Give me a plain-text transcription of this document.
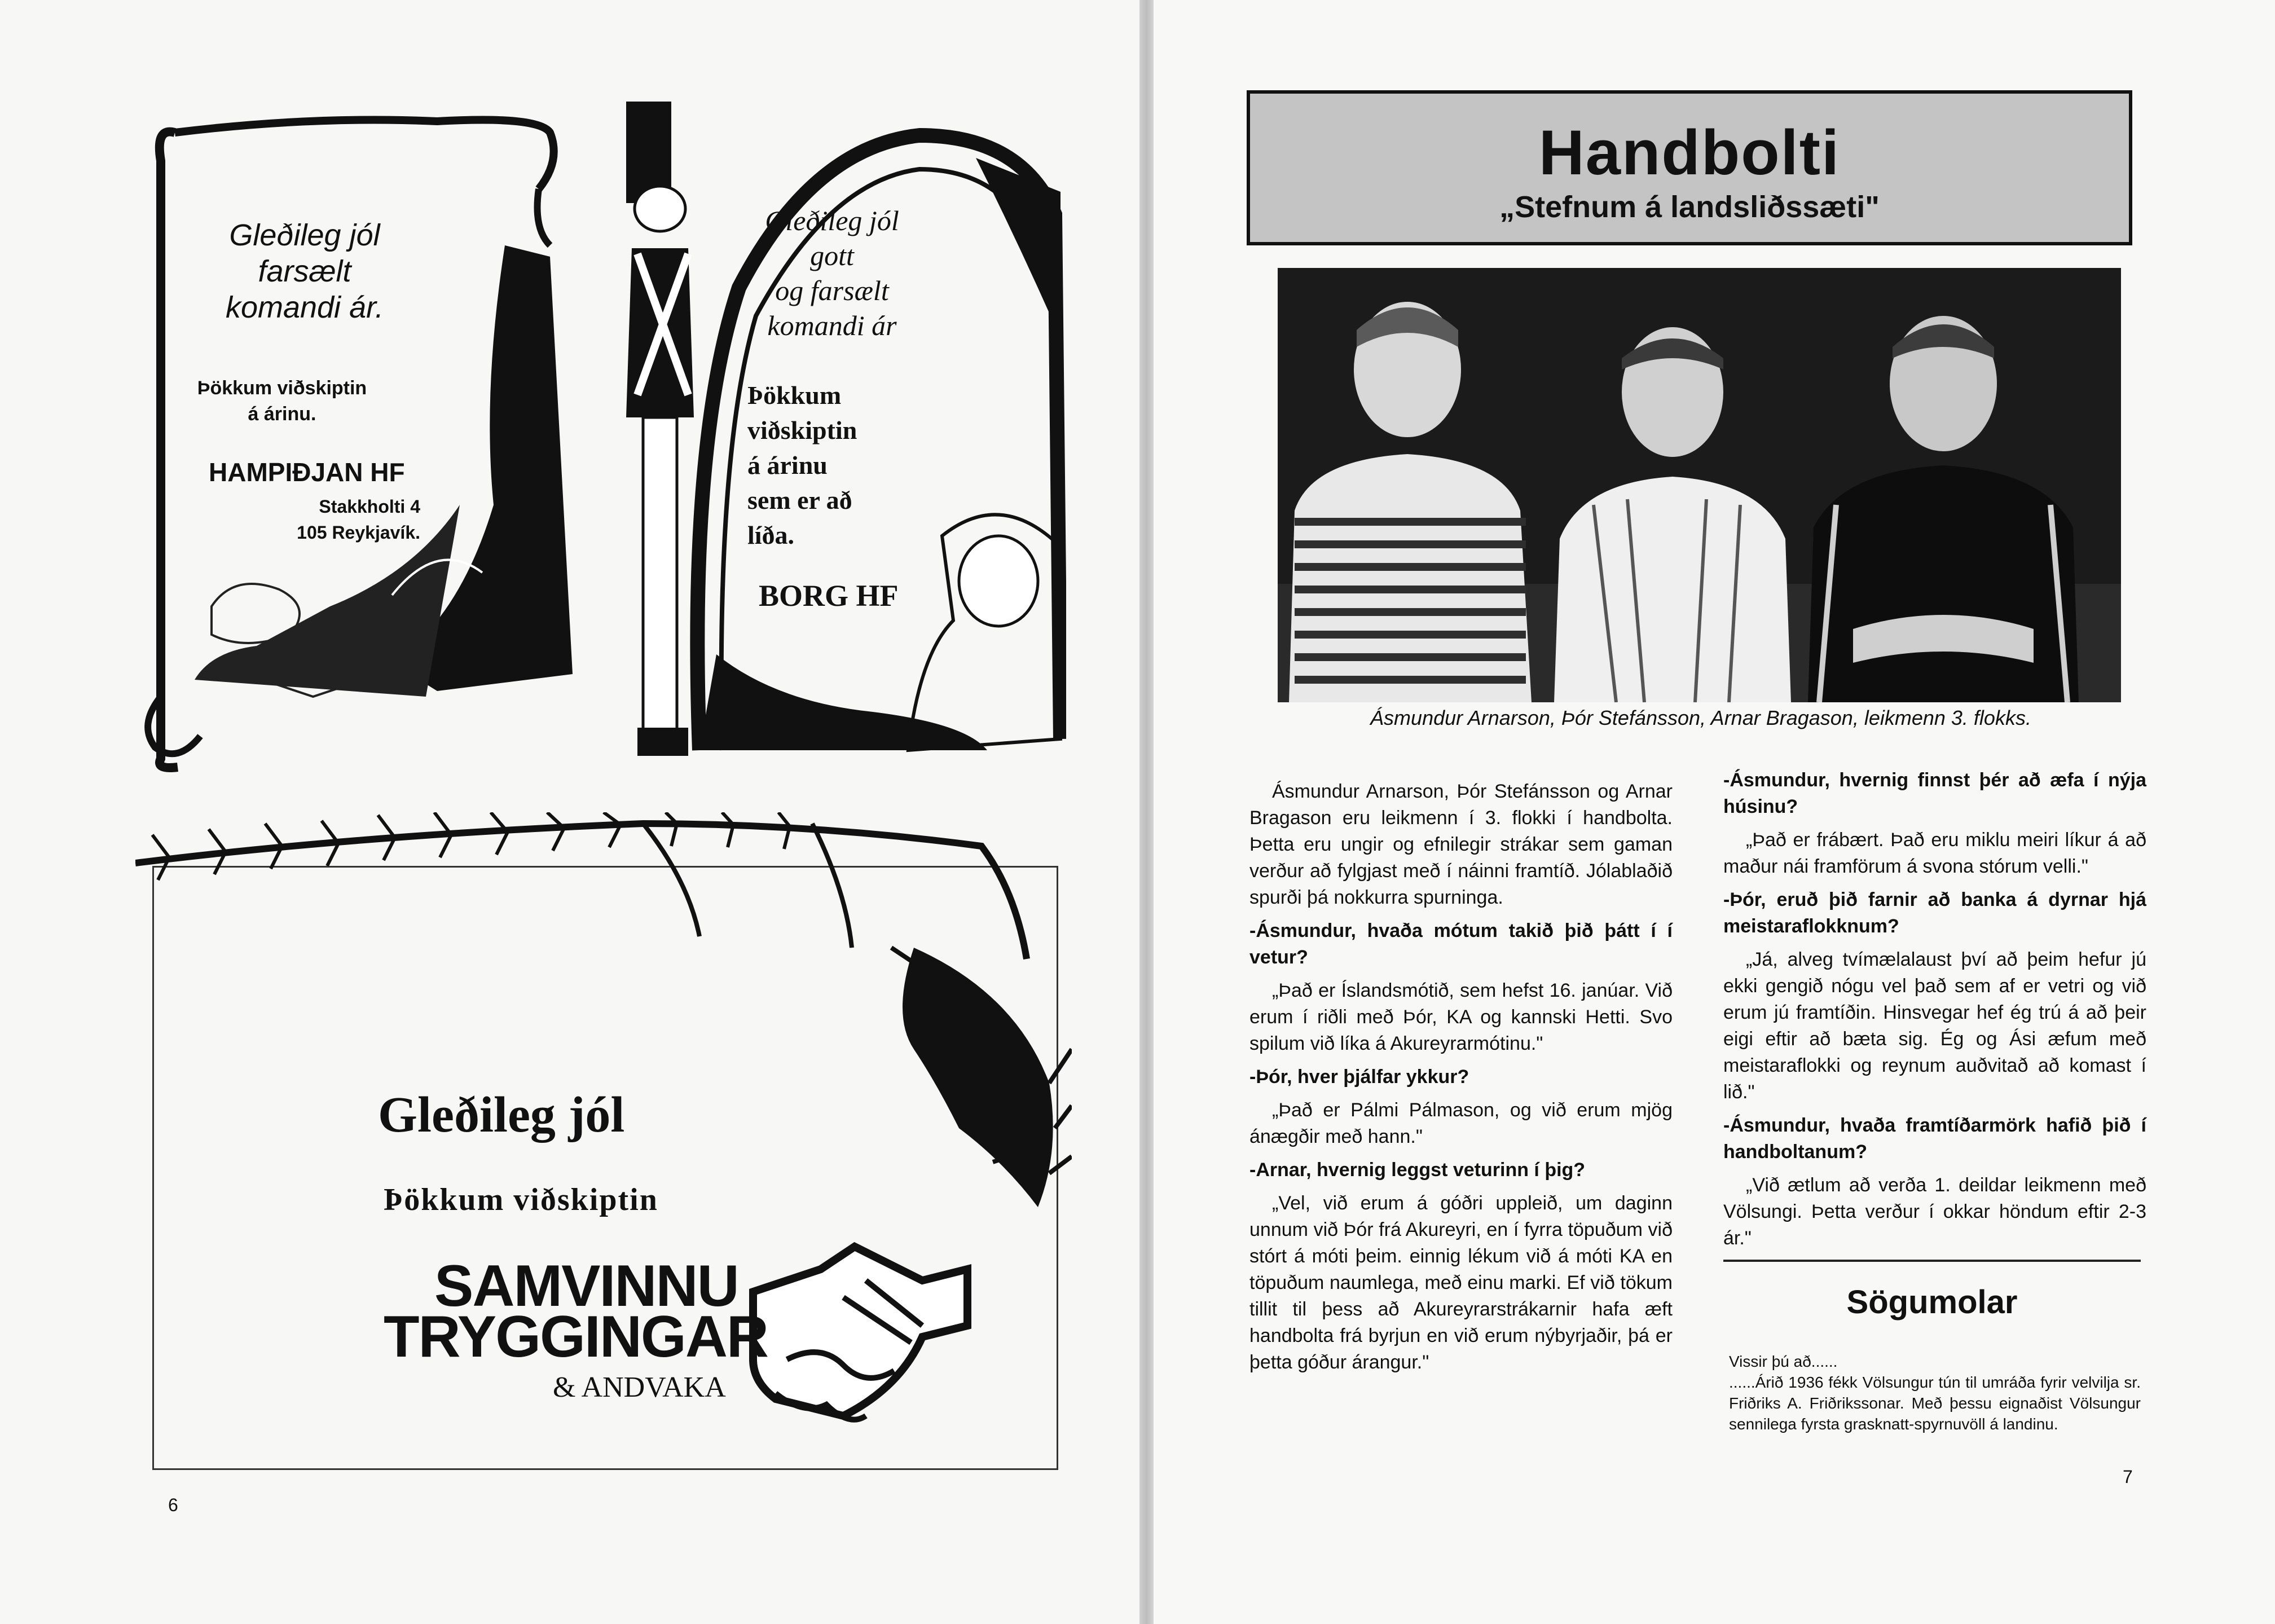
Gleðileg jól
farsælt
komandi ár.
Þökkum viðskiptin
á árinu.
HAMPIÐJAN HF
Stakkholti 4
105 Reykjavík.
Gleðileg jól
gott
og farsælt
komandi ár
Þökkum
viðskiptin
á árinu
sem er að
líða.
BORG HF
Gleðileg jól
Þökkum viðskiptin
SAMVINNU
TRYGGINGAR
& ANDVAKA
6
Handbolti
„Stefnum á landsliðssæti"
Ásmundur Arnarson, Þór Stefánsson, Arnar Bragason, leikmenn 3. flokks.

Ásmundur Arnarson, Þór Stefánsson og Arnar Bragason eru leikmenn í 3. flokki í handbolta. Þetta eru ungir og efnilegir strákar sem gaman verður að fylgjast með í náinni framtíð. Jólablaðið spurði þá nokkurra spurninga.

-Ásmundur, hvaða mótum takið þið þátt í í vetur?

„Það er Íslandsmótið, sem hefst 16. janúar. Við erum í riðli með Þór, KA og kannski Hetti. Svo spilum við líka á Akureyrarmótinu."

-Þór, hver þjálfar ykkur?

„Það er Pálmi Pálmason, og við erum mjög ánægðir með hann."

-Arnar, hvernig leggst veturinn í þig?

„Vel, við erum á góðri uppleið, um daginn unnum við Þór frá Akureyri, en í fyrra töpuðum við stórt á móti þeim. einnig lékum við á móti KA en töpuðum naumlega, með einu marki. Ef við tökum tillit til þess að Akureyrarstrákarnir hafa æft handbolta frá byrjun en við erum nýbyrjaðir, þá er þetta góður árangur."

-Ásmundur, hvernig finnst þér að æfa í nýja húsinu?

„Það er frábært. Það eru miklu meiri líkur á að maður nái framförum á svona stórum velli."

-Þór, eruð þið farnir að banka á dyrnar hjá meistaraflokknum?

„Já, alveg tvímælalaust því að þeim hefur jú ekki gengið nógu vel það sem af er vetri og við erum jú framtíðin. Hinsvegar hef ég trú á að þeir eigi eftir að bæta sig. Ég og Ási æfum með meistaraflokki og reynum auðvitað að komast í lið."

-Ásmundur, hvaða framtíðarmörk hafið þið í handboltanum?

„Við ætlum að verða 1. deildar leikmenn með Völsungi. Þetta verður í okkar höndum eftir 2-3 ár."

Sögumolar
Vissir þú að......
......Árið 1936 fékk Völsungur tún til umráða fyrir velvilja sr. Friðriks A. Friðrikssonar. Með þessu eignaðist Völsungur sennilega fyrsta grasknatt-spyrnuvöll á landinu.
7
